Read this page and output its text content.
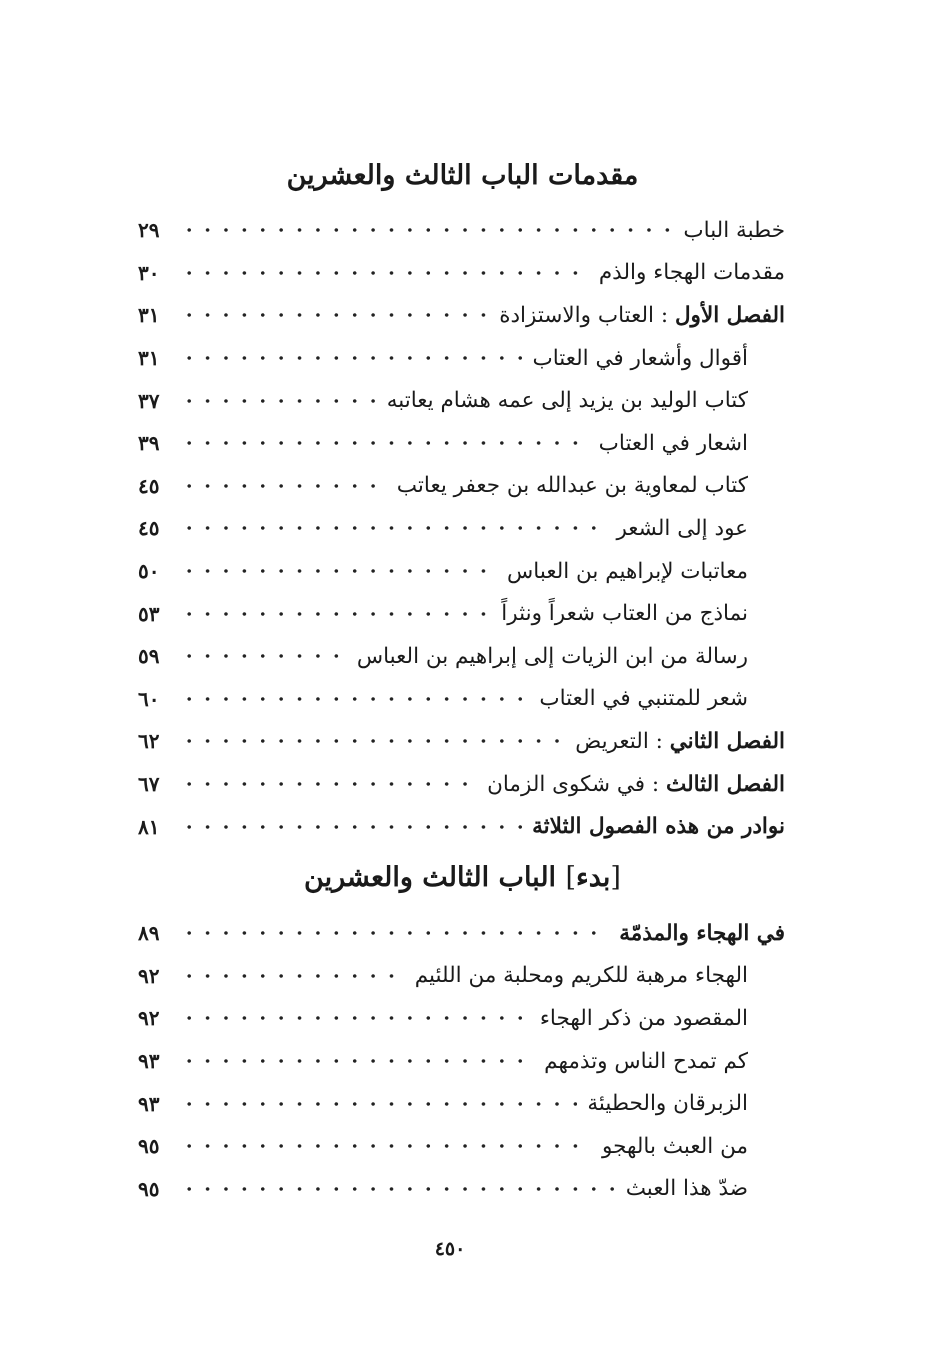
مقدمات الباب الثالث والعشرين
خطبة الباب
٢٩
مقدمات الهجاء والذم
٣٠
الفصل الأول : العتاب والاستزادة
٣١
أقوال وأشعار في العتاب
٣١
كتاب الوليد بن يزيد إلى عمه هشام يعاتبه
٣٧
اشعار في العتاب
٣٩
كتاب لمعاوية بن عبدالله بن جعفر يعاتب
٤٥
عود إلى الشعر
٤٥
معاتبات لإبراهيم بن العباس
٥٠
نماذج من العتاب شعراً ونثراً
٥٣
رسالة من ابن الزيات إلى إبراهيم بن العباس
٥٩
شعر للمتنبي في العتاب
٦٠
الفصل الثاني : التعريض
٦٢
الفصل الثالث : في شكوى الزمان
٦٧
نوادر من هذه الفصول الثلاثة
٨١
[بدء] الباب الثالث والعشرين
في الهجاء والمذمّة
٨٩
الهجاء مرهبة للكريم ومحلبة من اللئيم
٩٢
المقصود من ذكر الهجاء
٩٢
كم تمدح الناس وتذمهم
٩٣
الزبرقان والحطيئة
٩٣
من العبث بالهجو
٩٥
ضدّ هذا العبث
٩٥
٤٥٠
